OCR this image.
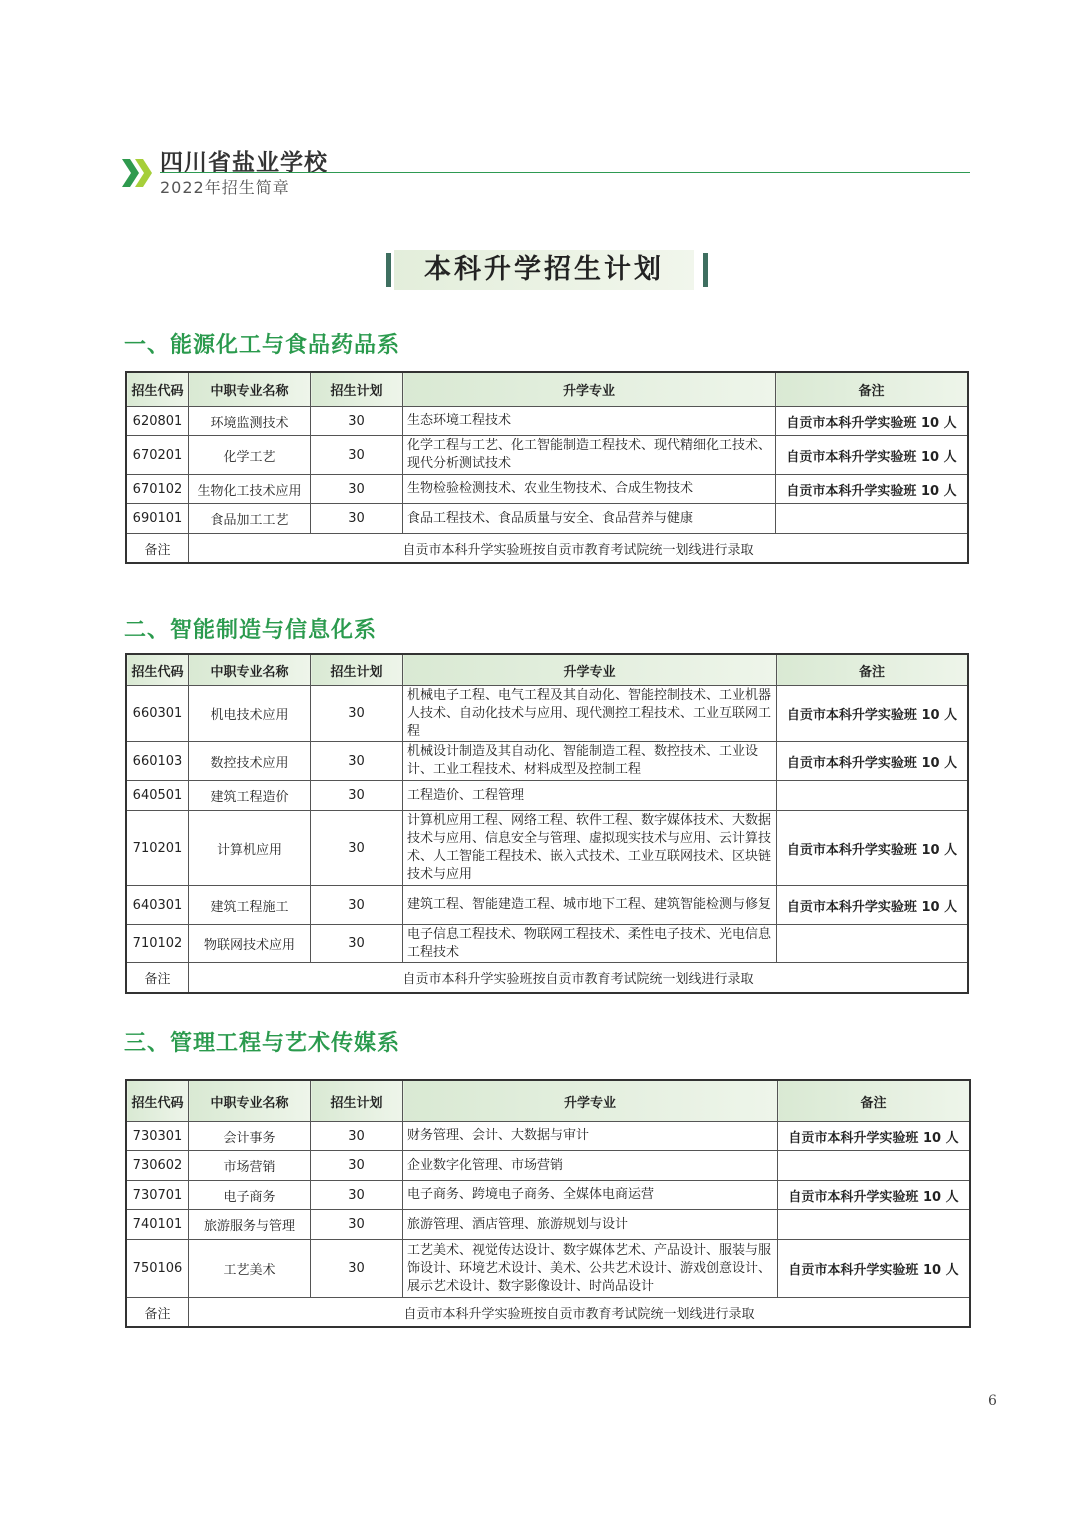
四川省盐业学校
2022年招生简章
本科升学招生计划
一、能源化工与食品药品系
招生代码	中职专业名称	招生计划	升学专业	备注
620801	环境监测技术	30	生态环境工程技术	自贡市本科升学实验班 10 人
670201	化学工艺	30	化学工程与工艺、化工智能制造工程技术、现代精细化工技术、现代分析测试技术	自贡市本科升学实验班 10 人
670102	生物化工技术应用	30	生物检验检测技术、农业生物技术、合成生物技术	自贡市本科升学实验班 10 人
690101	食品加工工艺	30	食品工程技术、食品质量与安全、食品营养与健康	
备注	自贡市本科升学实验班按自贡市教育考试院统一划线进行录取			
二、智能制造与信息化系
招生代码	中职专业名称	招生计划	升学专业	备注
660301	机电技术应用	30	机械电子工程、电气工程及其自动化、智能控制技术、工业机器人技术、自动化技术与应用、现代测控工程技术、工业互联网工程	自贡市本科升学实验班 10 人
660103	数控技术应用	30	机械设计制造及其自动化、智能制造工程、数控技术、工业设计、工业工程技术、材料成型及控制工程	自贡市本科升学实验班 10 人
640501	建筑工程造价	30	工程造价、工程管理	
710201	计算机应用	30	计算机应用工程、网络工程、软件工程、数字媒体技术、大数据技术与应用、信息安全与管理、虚拟现实技术与应用、云计算技术、人工智能工程技术、嵌入式技术、工业互联网技术、区块链技术与应用	自贡市本科升学实验班 10 人
640301	建筑工程施工	30	建筑工程、智能建造工程、城市地下工程、建筑智能检测与修复	自贡市本科升学实验班 10 人
710102	物联网技术应用	30	电子信息工程技术、物联网工程技术、柔性电子技术、光电信息工程技术	
备注	自贡市本科升学实验班按自贡市教育考试院统一划线进行录取			
三、管理工程与艺术传媒系
招生代码	中职专业名称	招生计划	升学专业	备注
730301	会计事务	30	财务管理、会计、大数据与审计	自贡市本科升学实验班 10 人
730602	市场营销	30	企业数字化管理、市场营销	
730701	电子商务	30	电子商务、跨境电子商务、全媒体电商运营	自贡市本科升学实验班 10 人
740101	旅游服务与管理	30	旅游管理、酒店管理、旅游规划与设计	
750106	工艺美术	30	工艺美术、视觉传达设计、数字媒体艺术、产品设计、服装与服饰设计、环境艺术设计、美术、公共艺术设计、游戏创意设计、展示艺术设计、数字影像设计、时尚品设计	自贡市本科升学实验班 10 人
备注	自贡市本科升学实验班按自贡市教育考试院统一划线进行录取			
6
